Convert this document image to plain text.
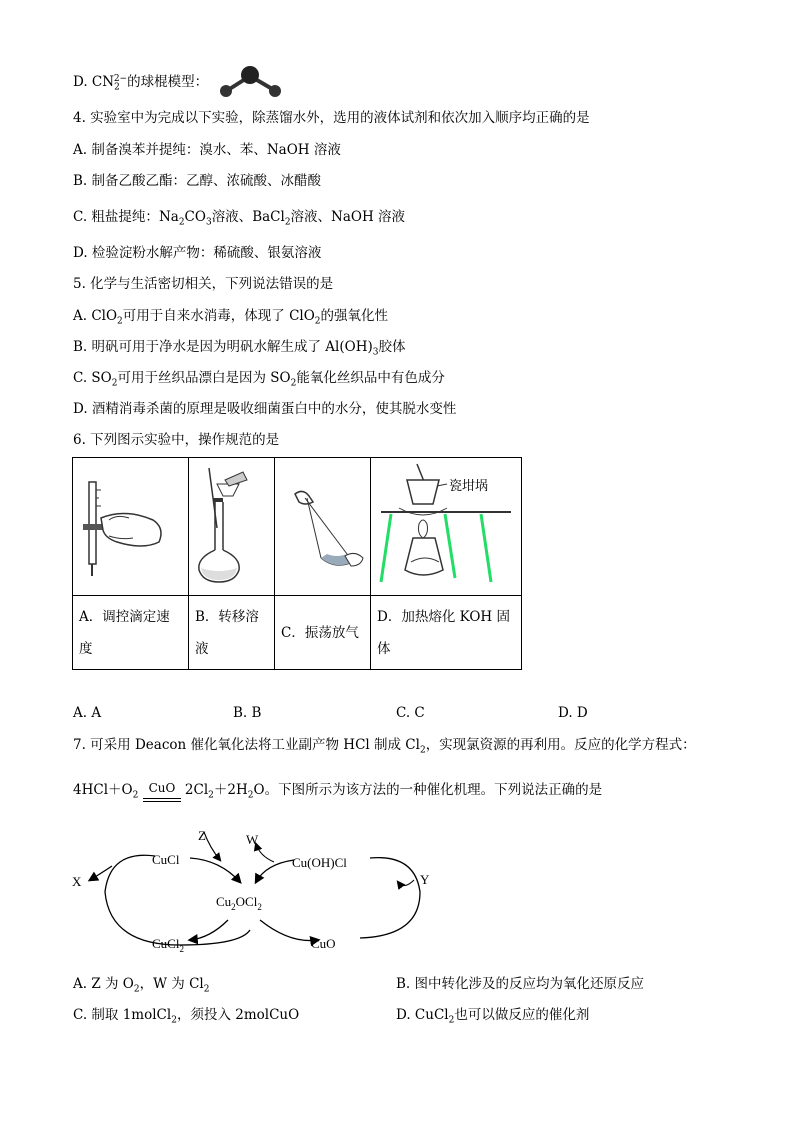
D. $CN_2^{2-}$的球棍模型：
4. 实验室中为完成以下实验，除蒸馏水外，选用的液体试剂和依次加入顺序均正确的是
A. 制备溴苯并提纯：溴水、苯、NaOH 溶液
B. 制备乙酸乙酯：乙醇、浓硫酸、冰醋酸
C. 粗盐提纯：$Na_2CO_3$溶液、BaCl$_2$溶液、NaOH 溶液
D. 检验淀粉水解产物：稀硫酸、银氨溶液
5. 化学与生活密切相关，下列说法错误的是
A. ClO$_2$可用于自来水消毒，体现了 ClO$_2$的强氧化性
B. 明矾可用于净水是因为明矾水解生成了 $Al(OH)_3$胶体
C. $SO_2$可用于丝织品漂白是因为 $SO_2$能氧化丝织品中有色成分
D. 酒精消毒杀菌的原理是吸收细菌蛋白中的水分，使其脱水变性
6. 下列图示实验中，操作规范的是

瓷坩埚

A．调控滴定速度	B．转移溶液	C．振荡放气	D．加热熔化 KOH 固体
A. A	B. B	C. C	D. D
7. 可采用 Deacon 催化氧化法将工业副产物 HCl 制成 $Cl_2$，实现氯资源的再利用。反应的化学方程式：
$4HCl+O_2$
CuO $2Cl_2+2H_2O$。下图所示为该方法的一种催化机理。下列说法正确的是
CuCl	Cu(OH)Cl
$Cu_2OCl_2$
CuCl$_2$	CuO
X	Y
Z	W
A. Z 为 $O_2$，W 为 $Cl_2$	B. 图中转化涉及的反应均为氧化还原反应
C. 制取 1molCl$_2$，须投入 2molCuO	D. CuCl$_2$也可以做反应的催化剂
